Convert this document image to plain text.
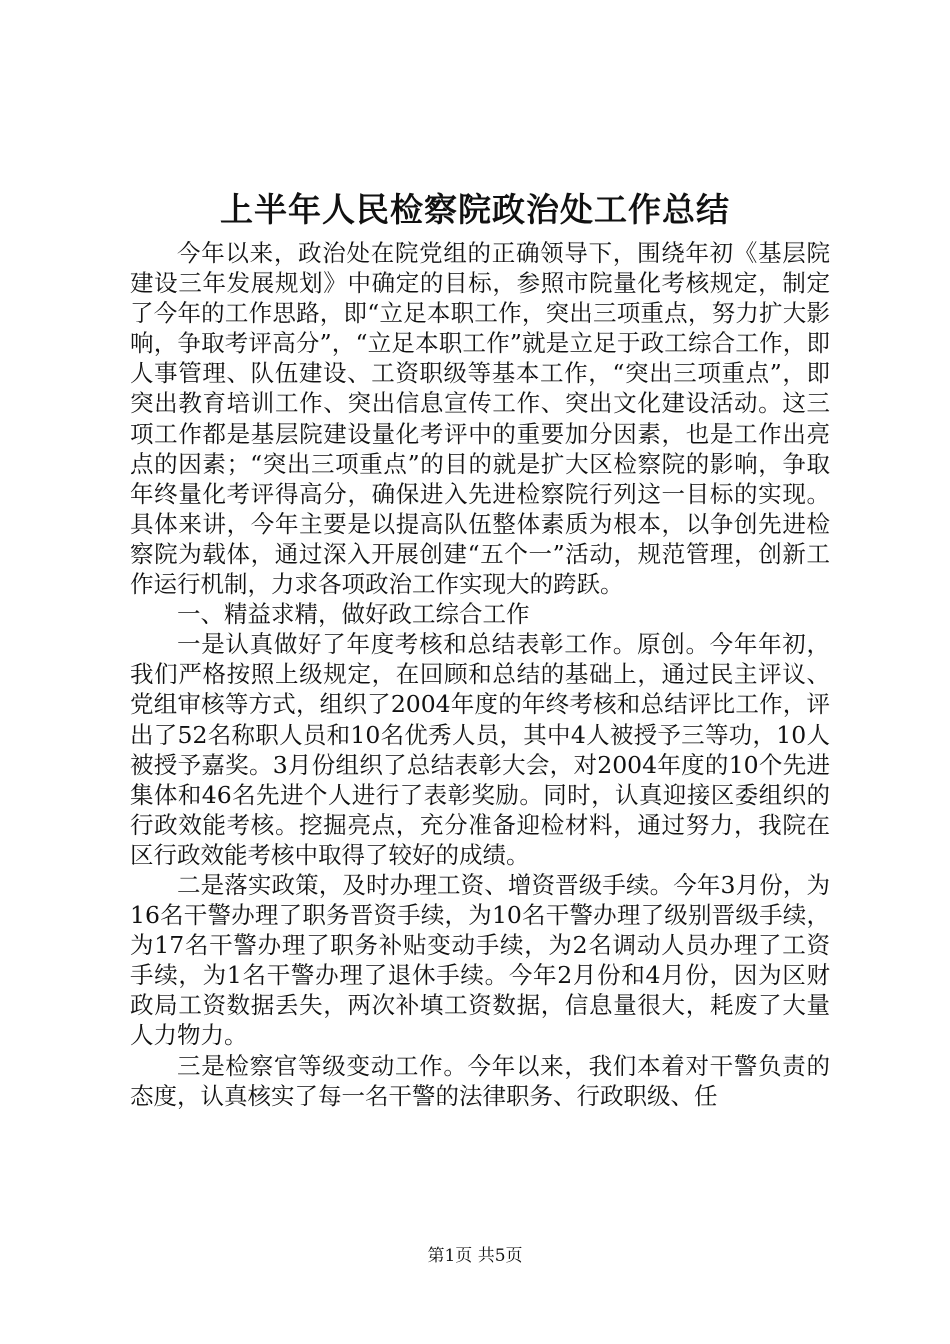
上半年人民检察院政治处工作总结

今年以来，政治处在院党组的正确领导下，围绕年初《基层院建设三年发展规划》中确定的目标，参照市院量化考核规定，制定了今年的工作思路，即“立足本职工作，突出三项重点，努力扩大影响，争取考评高分”，“立足本职工作”就是立足于政工综合工作，即人事管理、队伍建设、工资职级等基本工作，“突出三项重点”，即突出教育培训工作、突出信息宣传工作、突出文化建设活动。这三项工作都是基层院建设量化考评中的重要加分因素，也是工作出亮点的因素；“突出三项重点”的目的就是扩大区检察院的影响，争取年终量化考评得高分，确保进入先进检察院行列这一目标的实现。具体来讲，今年主要是以提高队伍整体素质为根本，以争创先进检察院为载体，通过深入开展创建“五个一”活动，规范管理，创新工作运行机制，力求各项政治工作实现大的跨跃。

一、精益求精，做好政工综合工作

一是认真做好了年度考核和总结表彰工作。原创。今年年初，我们严格按照上级规定，在回顾和总结的基础上，通过民主评议、党组审核等方式，组织了2004年度的年终考核和总结评比工作，评出了52名称职人员和10名优秀人员，其中4人被授予三等功，10人被授予嘉奖。3月份组织了总结表彰大会，对2004年度的10个先进集体和46名先进个人进行了表彰奖励。同时，认真迎接区委组织的行政效能考核。挖掘亮点，充分准备迎检材料，通过努力，我院在区行政效能考核中取得了较好的成绩。

二是落实政策，及时办理工资、增资晋级手续。今年3月份，为16名干警办理了职务晋资手续，为10名干警办理了级别晋级手续，为17名干警办理了职务补贴变动手续，为2名调动人员办理了工资手续，为1名干警办理了退休手续。今年2月份和4月份，因为区财政局工资数据丢失，两次补填工资数据，信息量很大，耗废了大量人力物力。

三是检察官等级变动工作。今年以来，我们本着对干警负责的态度，认真核实了每一名干警的法律职务、行政职级、任

第1页 共5页
